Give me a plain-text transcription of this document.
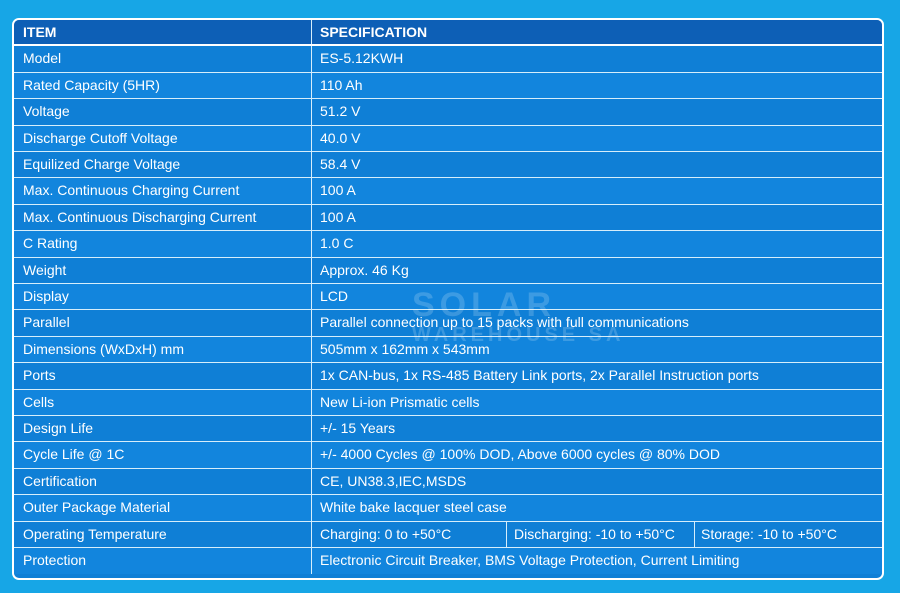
ITEM	SPECIFICATION
Model	ES-5.12KWH
Rated Capacity (5HR)	110 Ah
Voltage	51.2 V
Discharge Cutoff Voltage	40.0 V
Equilized Charge Voltage	58.4 V
Max. Continuous Charging Current	100 A
Max. Continuous Discharging Current	100 A
C Rating	1.0 C
Weight	Approx. 46 Kg
Display	LCD
Parallel	Parallel connection up to 15 packs with full communications
Dimensions (WxDxH) mm	505mm x 162mm x 543mm
Ports	1x CAN-bus, 1x RS-485 Battery Link ports, 2x Parallel Instruction ports
Cells	New Li-ion Prismatic cells
Design Life	+/- 15 Years
Cycle Life @ 1C	+/- 4000 Cycles @ 100% DOD, Above 6000 cycles @ 80% DOD
Certification	CE, UN38.3,IEC,MSDS
Outer Package Material	White bake lacquer steel case
Operating Temperature	Charging: 0 to +50°C	Discharging: -10 to +50°C	Storage: -10 to +50°C
Protection	Electronic Circuit Breaker, BMS Voltage Protection, Current Limiting
